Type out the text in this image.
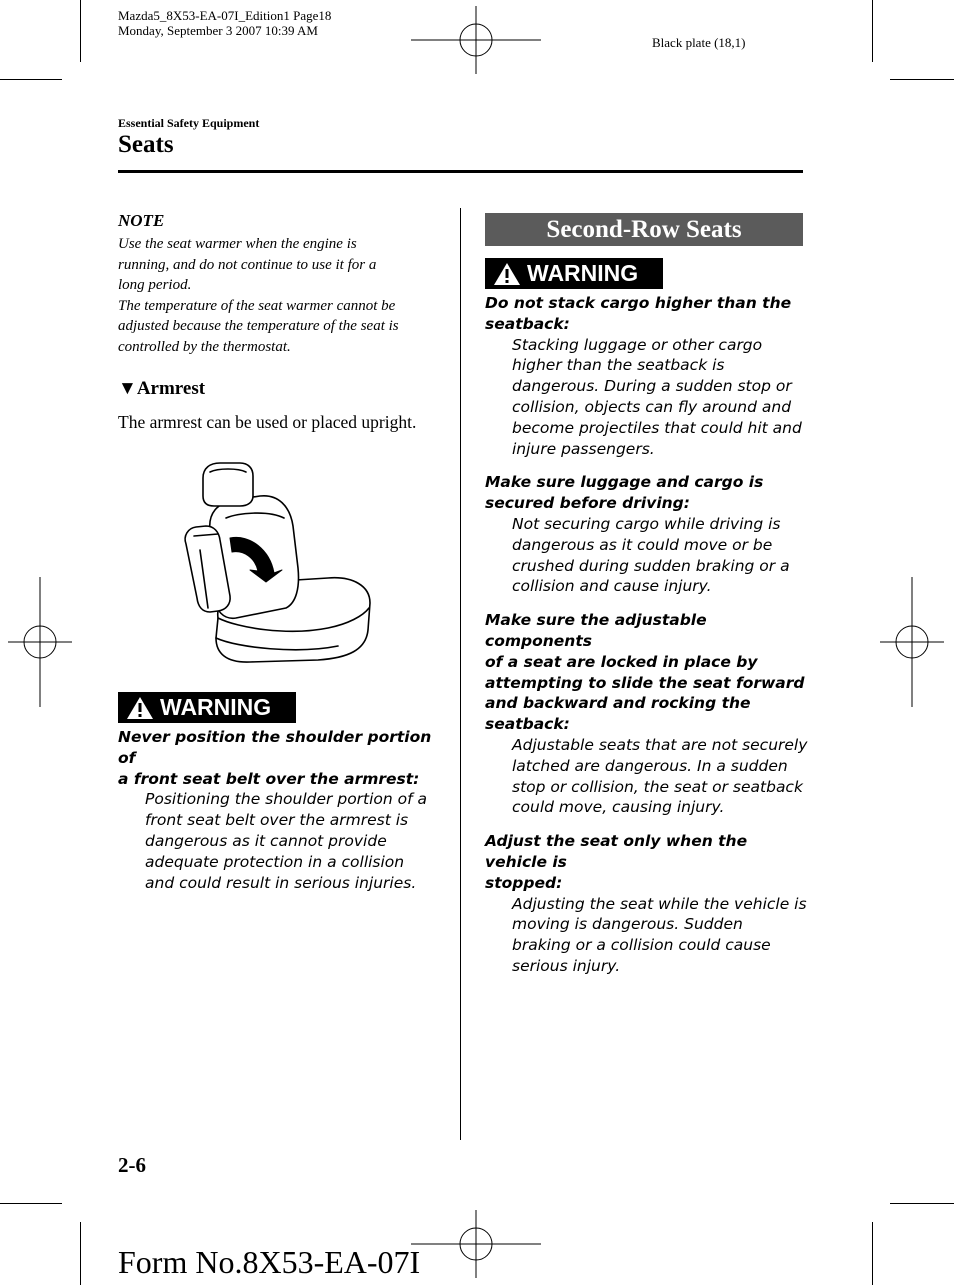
Mazda5_8X53-EA-07I_Edition1 Page18
Monday, September 3 2007 10:39 AM
Black plate (18,1)
Essential Safety Equipment
Seats
NOTE
Use the seat warmer when the engine is
running, and do not continue to use it for a
long period.
The temperature of the seat warmer cannot be
adjusted because the temperature of the seat is
controlled by the thermostat.
▼Armrest
The armrest can be used or placed upright.
WARNING
Never position the shoulder portion of
a front seat belt over the armrest:
Positioning the shoulder portion of a
front seat belt over the armrest is
dangerous as it cannot provide
adequate protection in a collision
and could result in serious injuries.
Second-Row Seats
WARNING
Do not stack cargo higher than the
seatback:
Stacking luggage or other cargo
higher than the seatback is
dangerous. During a sudden stop or
collision, objects can fly around and
become projectiles that could hit and
injure passengers.
Make sure luggage and cargo is
secured before driving:
Not securing cargo while driving is
dangerous as it could move or be
crushed during sudden braking or a
collision and cause injury.
Make sure the adjustable components
of a seat are locked in place by
attempting to slide the seat forward
and backward and rocking the
seatback:
Adjustable seats that are not securely
latched are dangerous. In a sudden
stop or collision, the seat or seatback
could move, causing injury.
Adjust the seat only when the vehicle is
stopped:
Adjusting the seat while the vehicle is
moving is dangerous. Sudden
braking or a collision could cause
serious injury.
2-6
Form No.8X53-EA-07I
